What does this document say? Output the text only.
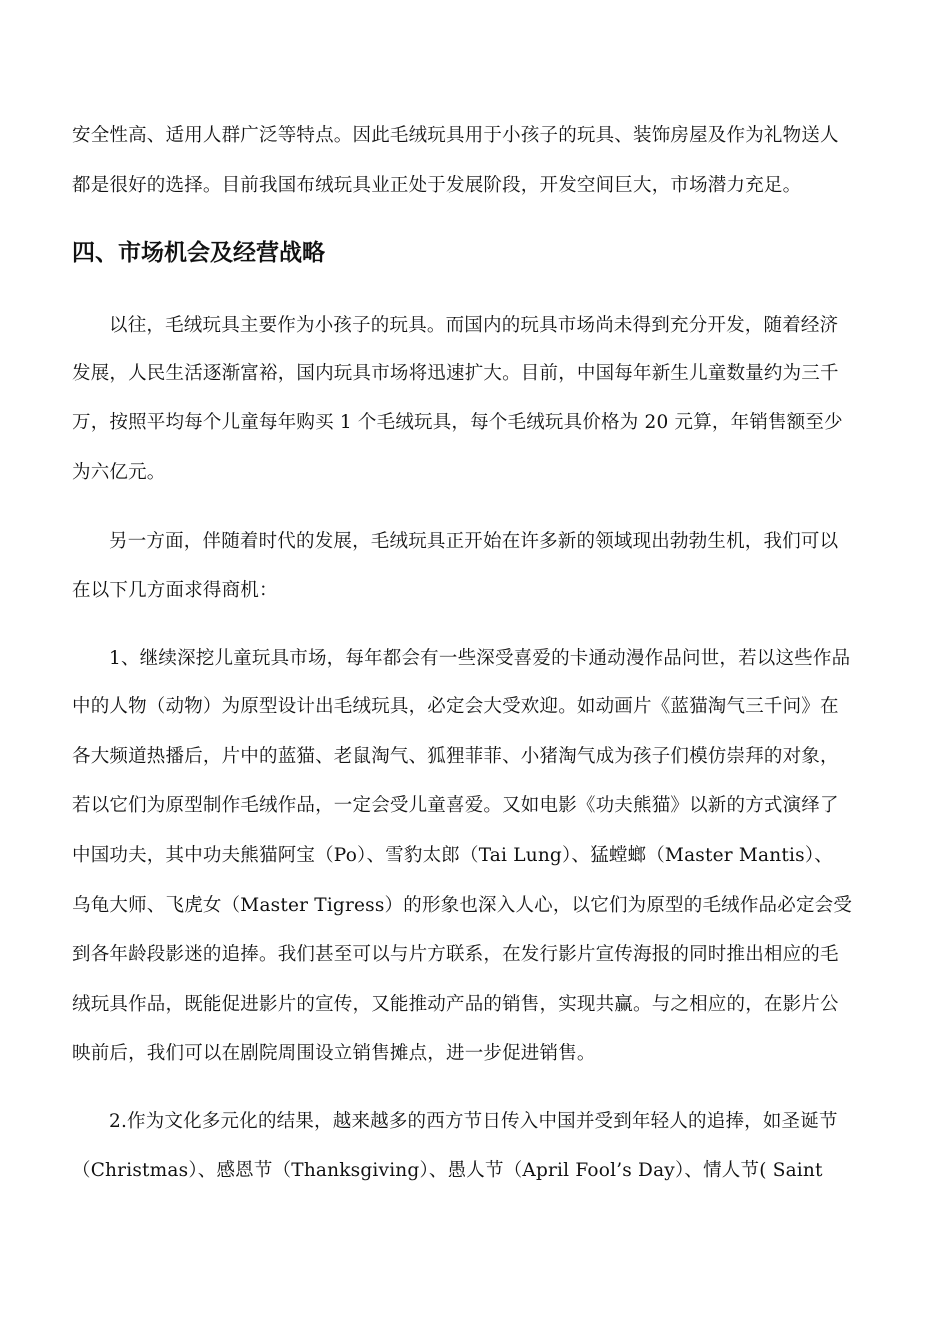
安全性高、适用人群广泛等特点。因此毛绒玩具用于小孩子的玩具、装饰房屋及作为礼物送人
都是很好的选择。目前我国布绒玩具业正处于发展阶段，开发空间巨大，市场潜力充足。
四、市场机会及经营战略
以往，毛绒玩具主要作为小孩子的玩具。而国内的玩具市场尚未得到充分开发，随着经济
发展，人民生活逐渐富裕，国内玩具市场将迅速扩大。目前，中国每年新生儿童数量约为三千
万，按照平均每个儿童每年购买 1 个毛绒玩具，每个毛绒玩具价格为 20 元算，年销售额至少
为六亿元。
另一方面，伴随着时代的发展，毛绒玩具正开始在许多新的领域现出勃勃生机，我们可以
在以下几方面求得商机：
1、继续深挖儿童玩具市场，每年都会有一些深受喜爱的卡通动漫作品问世，若以这些作品
中的人物（动物）为原型设计出毛绒玩具，必定会大受欢迎。如动画片《蓝猫淘气三千问》在
各大频道热播后，片中的蓝猫、老鼠淘气、狐狸菲菲、小猪淘气成为孩子们模仿崇拜的对象，
若以它们为原型制作毛绒作品，一定会受儿童喜爱。又如电影《功夫熊猫》以新的方式演绎了
中国功夫，其中功夫熊猫阿宝（Po）、雪豹太郎（Tai Lung）、猛螳螂（Master Mantis）、
乌龟大师、飞虎女（Master Tigress）的形象也深入人心，以它们为原型的毛绒作品必定会受
到各年龄段影迷的追捧。我们甚至可以与片方联系，在发行影片宣传海报的同时推出相应的毛
绒玩具作品，既能促进影片的宣传，又能推动产品的销售，实现共赢。与之相应的，在影片公
映前后，我们可以在剧院周围设立销售摊点，进一步促进销售。
2.作为文化多元化的结果，越来越多的西方节日传入中国并受到年轻人的追捧，如圣诞节
（Christmas）、感恩节（Thanksgiving）、愚人节（April Fool’s Day）、情人节( Saint
